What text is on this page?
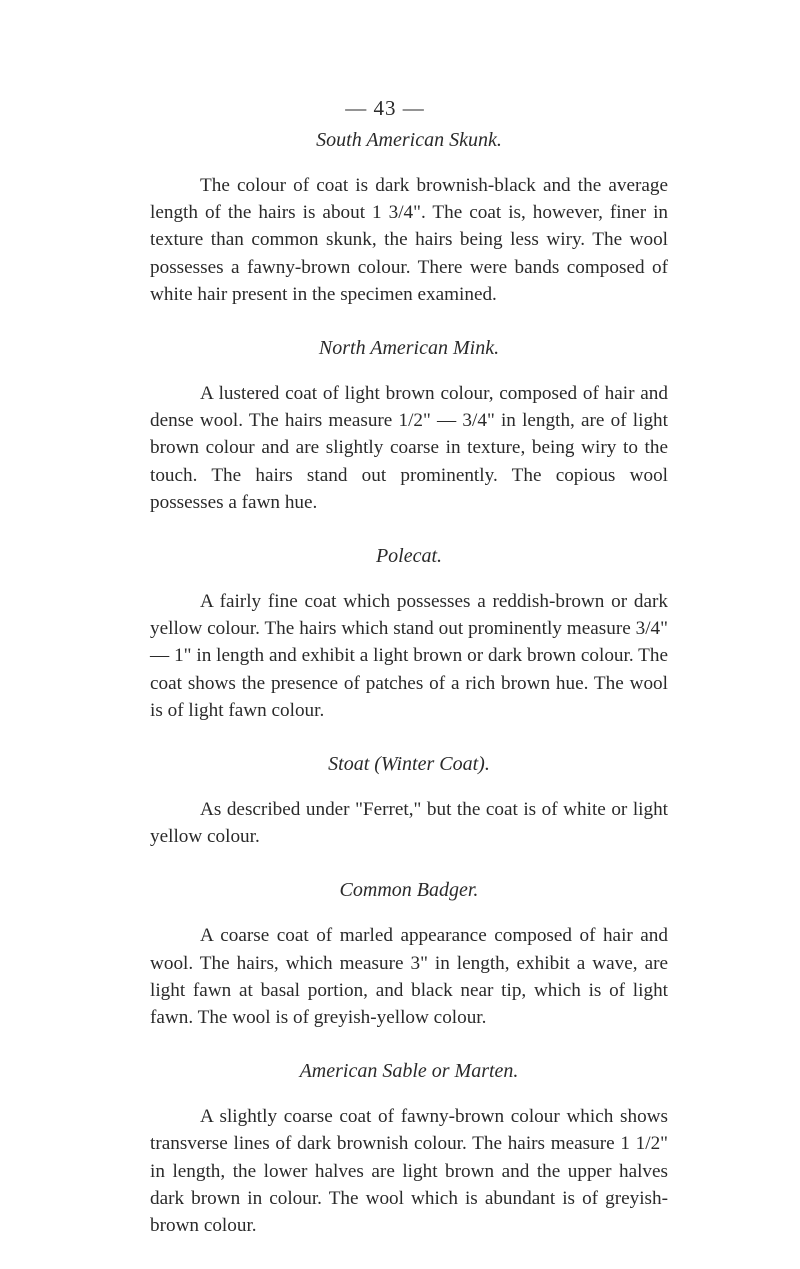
— 43 —
South American Skunk.

The colour of coat is dark brownish-black and the average length of the hairs is about 1 3/4". The coat is, however, finer in texture than common skunk, the hairs being less wiry. The wool possesses a fawny-brown colour. There were bands composed of white hair present in the specimen examined.

North American Mink.

A lustered coat of light brown colour, composed of hair and dense wool. The hairs measure 1/2" — 3/4" in length, are of light brown colour and are slightly coarse in texture, being wiry to the touch. The hairs stand out prominently. The copious wool possesses a fawn hue.

Polecat.

A fairly fine coat which possesses a reddish-brown or dark yellow colour. The hairs which stand out prominently measure 3/4" — 1" in length and exhibit a light brown or dark brown colour. The coat shows the presence of patches of a rich brown hue. The wool is of light fawn colour.

Stoat (Winter Coat).

As described under "Ferret," but the coat is of white or light yellow colour.

Common Badger.

A coarse coat of marled appearance composed of hair and wool. The hairs, which measure 3" in length, exhibit a wave, are light fawn at basal portion, and black near tip, which is of light fawn. The wool is of greyish-yellow colour.

American Sable or Marten.

A slightly coarse coat of fawny-brown colour which shows transverse lines of dark brownish colour. The hairs measure 1 1/2" in length, the lower halves are light brown and the upper halves dark brown in colour. The wool which is abundant is of greyish-brown colour.
